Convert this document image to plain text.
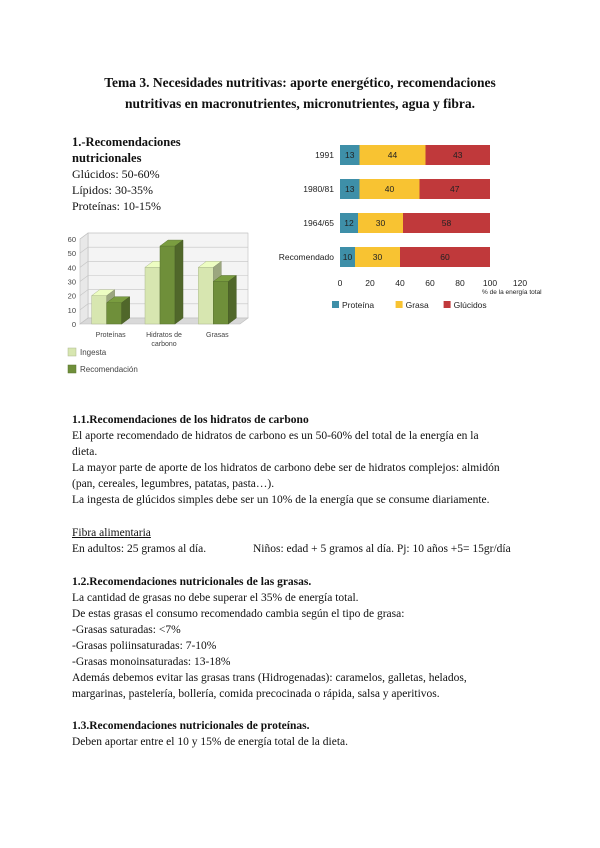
Tema 3. Necesidades nutritivas: aporte energético, recomendaciones
nutritivas en macronutrientes, micronutrientes, agua y fibra.
1.-Recomendaciones
nutricionales
Glúcidos: 50-60%
Lípidos: 30-35%
Proteínas: 10-15%
0
10
20
30
40
50
60
Proteínas	Hidratos de
carbono
Grasas
Ingesta
Recomendación
1991 13	44	43
1980/81 13	40	47
1964/65 12	30	58
Recomendado 10 30	60
0	20 40 60 80 100 120
% de la energía total
Proteína	Grasa	Glúcidos
1.1.Recomendaciones de los hidratos de carbono
El aporte recomendado de hidratos de carbono es un 50-60% del total de la energía en la
dieta.
La mayor parte de aporte de los hidratos de carbono debe ser de hidratos complejos: almidón
(pan, cereales, legumbres, patatas, pasta…).
La ingesta de glúcidos simples debe ser un 10% de la energía que se consume diariamente.
Fibra alimentaria
En adultos: 25 gramos al día.	Niños: edad + 5 gramos al día. Pj: 10 años +5= 15gr/día
1.2.Recomendaciones nutricionales de las grasas.
La cantidad de grasas no debe superar el 35% de energía total.
De estas grasas el consumo recomendado cambia según el tipo de grasa:
-Grasas saturadas: <7%
-Grasas poliinsaturadas: 7-10%
-Grasas monoinsaturadas: 13-18%
Además debemos evitar las grasas trans (Hidrogenadas): caramelos, galletas, helados,
margarinas, pastelería, bollería, comida precocinada o rápida, salsa y aperitivos.
1.3.Recomendaciones nutricionales de proteínas.
Deben aportar entre el 10 y 15% de energía total de la dieta.
